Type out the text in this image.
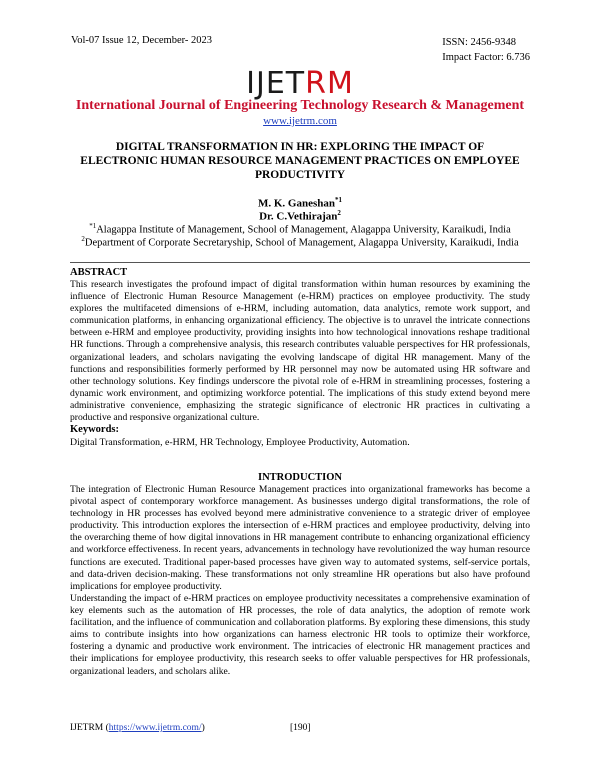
Vol-07 Issue 12, December- 2023	ISSN: 2456-9348
Impact Factor: 6.736
IJETRM
International Journal of Engineering Technology Research & Management
www.ijetrm.com
DIGITAL TRANSFORMATION IN HR: EXPLORING THE IMPACT OF
ELECTRONIC HUMAN RESOURCE MANAGEMENT PRACTICES ON EMPLOYEE
PRODUCTIVITY
M. K. Ganeshan$^{*1}$
Dr. C.Vethirajan$^2$
$^{*1}$Alagappa Institute of Management, School of Management, Alagappa University, Karaikudi, India
$^2$Department of Corporate Secretaryship, School of Management, Alagappa University, Karaikudi, India
ABSTRACT
This research investigates the profound impact of digital transformation within human resources by examining the influence of Electronic Human Resource Management (e-HRM) practices on employee productivity. The study explores the multifaceted dimensions of e-HRM, including automation, data analytics, remote work support, and communication platforms, in enhancing organizational efficiency. The objective is to unravel the intricate connections between e-HRM and employee productivity, providing insights into how technological innovations reshape traditional HR functions. Through a comprehensive analysis, this research contributes valuable perspectives for HR professionals, organizational leaders, and scholars navigating the evolving landscape of digital HR management. Many of the functions and responsibilities formerly performed by HR personnel may now be automated using HR software and other technology solutions. Key findings underscore the pivotal role of e-HRM in streamlining processes, fostering a dynamic work environment, and optimizing workforce potential. The implications of this study extend beyond mere administrative convenience, emphasizing the strategic significance of electronic HR practices in cultivating a productive and responsive organizational culture.
Keywords:
Digital Transformation, e-HRM, HR Technology, Employee Productivity, Automation.
INTRODUCTION
The integration of Electronic Human Resource Management practices into organizational frameworks has become a pivotal aspect of contemporary workforce management. As businesses undergo digital transformations, the role of technology in HR processes has evolved beyond mere administrative convenience to a strategic driver of employee productivity. This introduction explores the intersection of e-HRM practices and employee productivity, delving into the overarching theme of how digital innovations in HR management contribute to enhancing organizational efficiency and workforce effectiveness. In recent years, advancements in technology have revolutionized the way human resource functions are executed. Traditional paper-based processes have given way to automated systems, self-service portals, and data-driven decision-making. These transformations not only streamline HR operations but also have profound implications for employee productivity.
Understanding the impact of e-HRM practices on employee productivity necessitates a comprehensive examination of key elements such as the automation of HR processes, the role of data analytics, the adoption of remote work facilitation, and the influence of communication and collaboration platforms. By exploring these dimensions, this study aims to contribute insights into how organizations can harness electronic HR tools to optimize their workforce, fostering a dynamic and productive work environment. The intricacies of electronic HR management practices and their implications for employee productivity, this research seeks to offer valuable perspectives for HR professionals, organizational leaders, and scholars alike.
IJETRM (https://www.ijetrm.com/)	[190]
